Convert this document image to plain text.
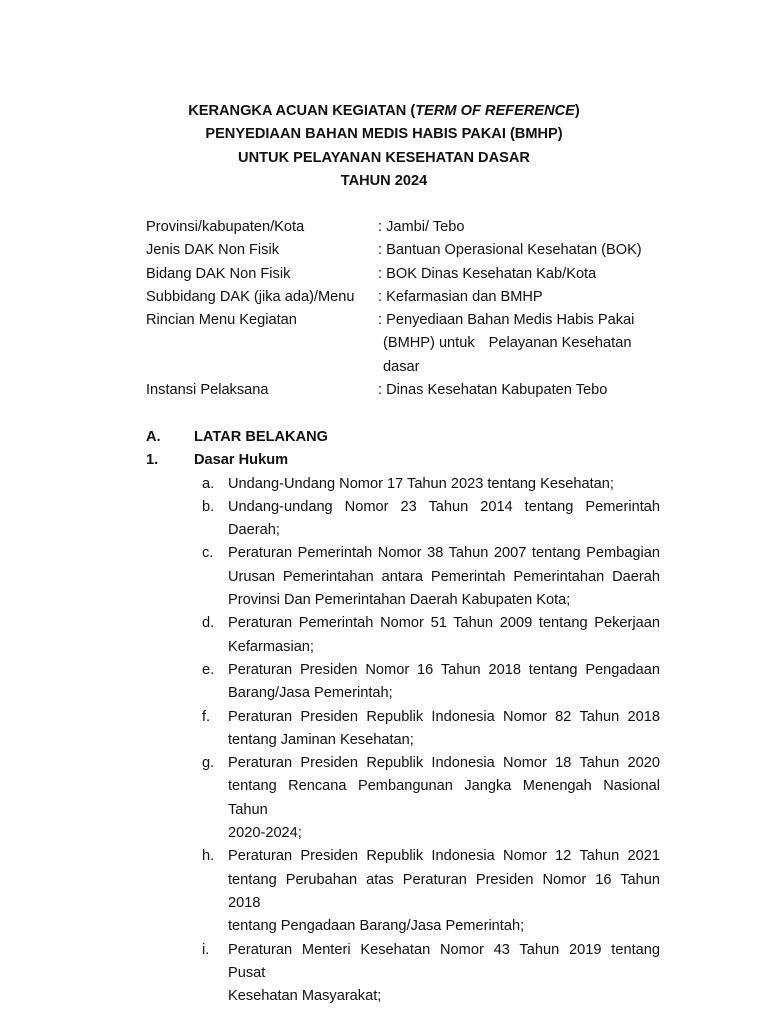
KERANGKA ACUAN KEGIATAN (TERM OF REFERENCE)
PENYEDIAAN BAHAN MEDIS HABIS PAKAI (BMHP)
UNTUK PELAYANAN KESEHATAN DASAR
TAHUN 2024
Provinsi/kabupaten/Kota	: Jambi/ Tebo
Jenis DAK Non Fisik	: Bantuan Operasional Kesehatan (BOK)
Bidang DAK Non Fisik	: BOK Dinas Kesehatan Kab/Kota
Subbidang DAK (jika ada)/Menu	: Kefarmasian dan BMHP
Rincian Menu Kegiatan	: Penyediaan Bahan Medis Habis Pakai
(BMHP) untuk Pelayanan Kesehatan
dasar
Instansi Pelaksana	: Dinas Kesehatan Kabupaten Tebo
A.	LATAR BELAKANG
1.	Dasar Hukum
a. Undang-Undang Nomor 17 Tahun 2023 tentang Kesehatan;
b. Undang-undang Nomor 23 Tahun 2014 tentang Pemerintah Daerah;
c.	Peraturan Pemerintah Nomor 38 Tahun 2007 tentang Pembagian
Urusan Pemerintahan antara Pemerintah Pemerintahan Daerah
Provinsi Dan Pemerintahan Daerah Kabupaten Kota;
d. Peraturan Pemerintah Nomor 51 Tahun 2009 tentang Pekerjaan
Kefarmasian;
e. Peraturan Presiden Nomor 16 Tahun 2018 tentang Pengadaan
Barang/Jasa Pemerintah;
f.	Peraturan Presiden Republik Indonesia Nomor 82 Tahun 2018
tentang Jaminan Kesehatan;
g. Peraturan Presiden Republik Indonesia Nomor 18 Tahun 2020
tentang Rencana Pembangunan Jangka Menengah Nasional Tahun
2020-2024;
h. Peraturan Presiden Republik Indonesia Nomor 12 Tahun 2021
tentang Perubahan atas Peraturan Presiden Nomor 16 Tahun 2018
tentang Pengadaan Barang/Jasa Pemerintah;
i.	Peraturan Menteri Kesehatan Nomor 43 Tahun 2019 tentang Pusat
Kesehatan Masyarakat;
